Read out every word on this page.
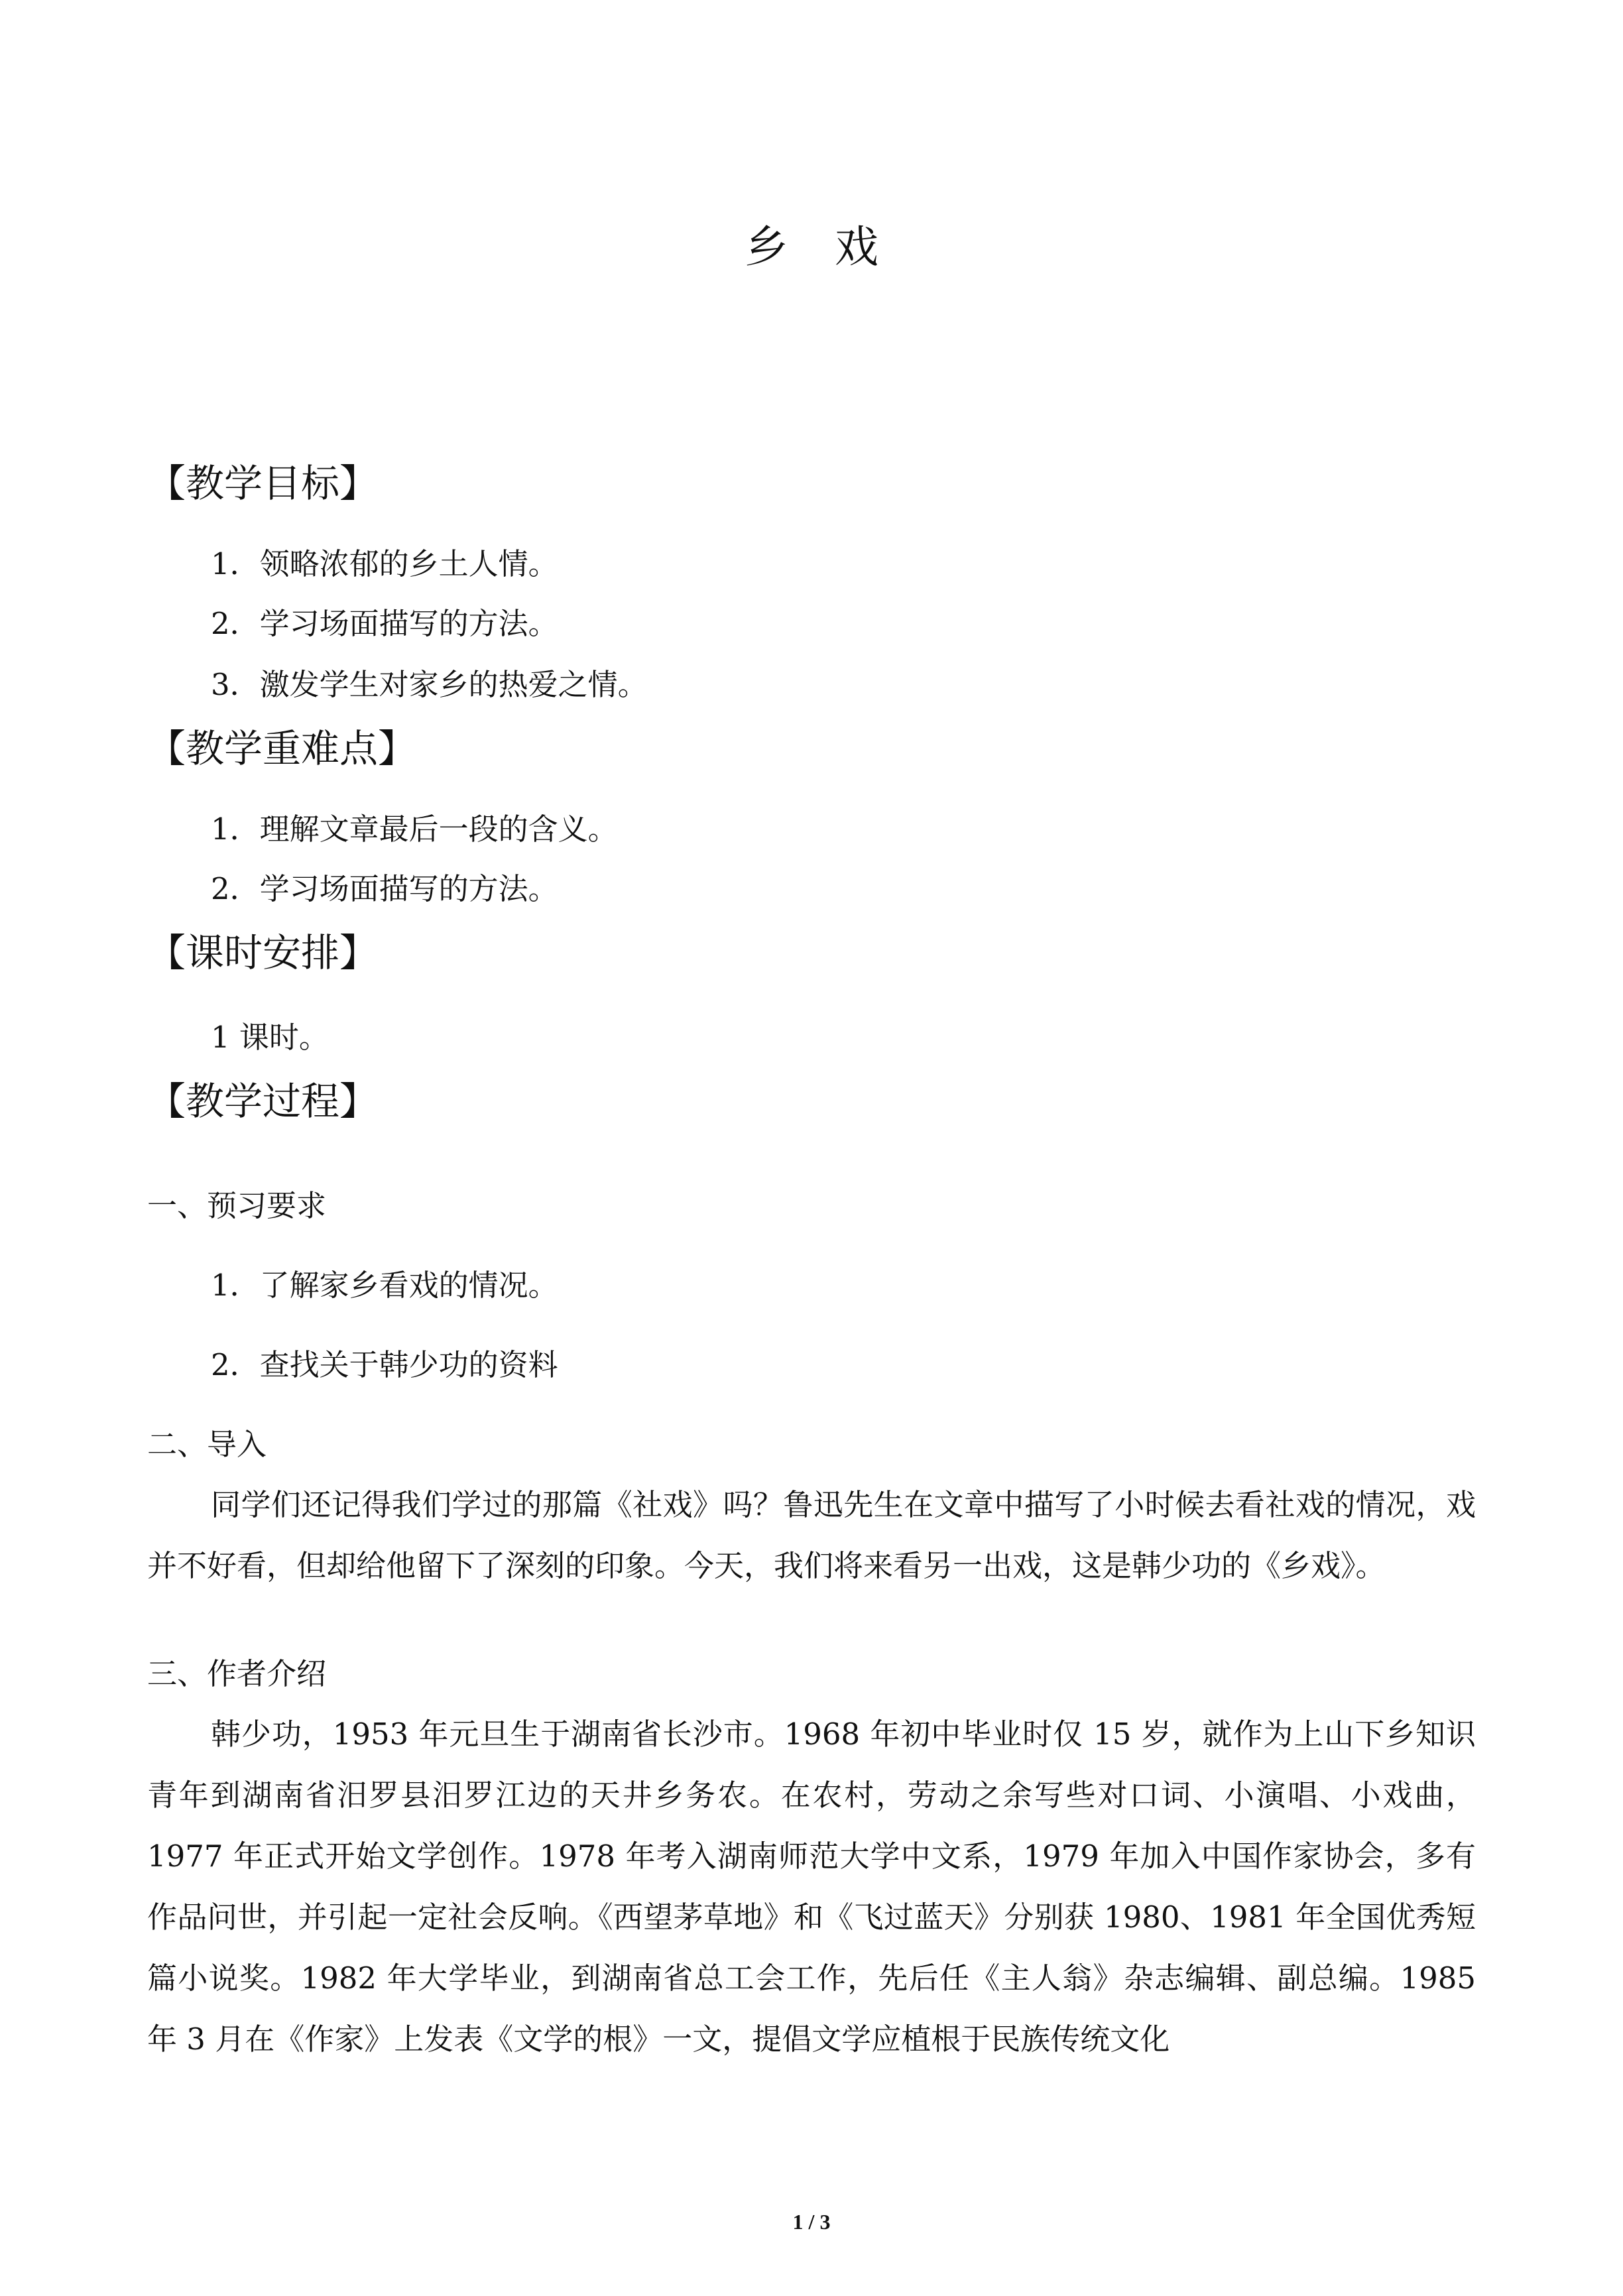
乡戏
【教学目标】
1．领略浓郁的乡土人情。
2．学习场面描写的方法。
3．激发学生对家乡的热爱之情。
【教学重难点】
1．理解文章最后一段的含义。
2．学习场面描写的方法。
【课时安排】
1 课时。
【教学过程】
一、预习要求
1．了解家乡看戏的情况。
2．查找关于韩少功的资料
二、导入
同学们还记得我们学过的那篇《社戏》吗？鲁迅先生在文章中描写了小时候去看社戏的情况，戏并不好看，但却给他留下了深刻的印象。今天，我们将来看另一出戏，这是韩少功的《乡戏》。
三、作者介绍
韩少功，1953 年元旦生于湖南省长沙市。1968 年初中毕业时仅 15 岁，就作为上山下乡知识青年到湖南省汨罗县汨罗江边的天井乡务农。在农村，劳动之余写些对口词、小演唱、小戏曲，1977 年正式开始文学创作。1978 年考入湖南师范大学中文系，1979 年加入中国作家协会，多有作品问世，并引起一定社会反响。《西望茅草地》和《飞过蓝天》分别获 1980、1981 年全国优秀短篇小说奖。1982 年大学毕业，到湖南省总工会工作，先后任《主人翁》杂志编辑、副总编。1985 年 3 月在《作家》上发表《文学的根》一文，提倡文学应植根于民族传统文化
1 / 3
